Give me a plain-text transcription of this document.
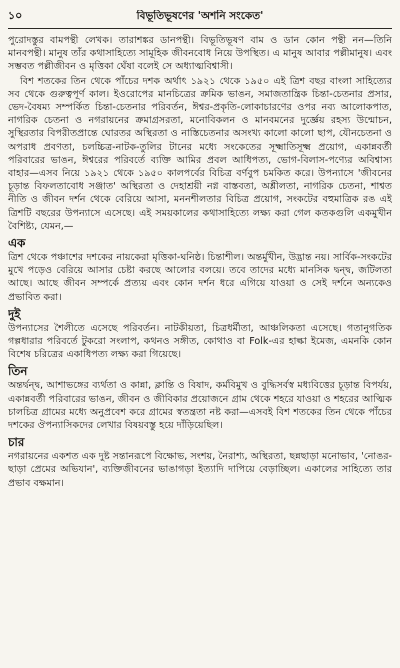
১০	বিভূতিভূষণের 'অশনি সংকেত'

পুরোদস্তুর বামপন্থী লেখক। তারাশঙ্কর ডানপন্থী। বিভূতিভূষণ বাম ও ডান কোন পন্থী নন—তিনি মানবপন্থী। মানুষ তাঁর কথাসাহিত্যে সামূহিক জীবনবোধ নিয়ে উপস্থিত। এ মানুষ আবার পল্লীমানুষ। এবং সম্ভবত পল্লীজীবন ও মৃত্তিকা ঘেঁষা বলেই সে অধ্যাত্মবিশ্বাসী।

বিশ শতকের তিন থেকে পাঁচের দশক অর্থাৎ ১৯২১ থেকে ১৯৫০ এই ত্রিশ বছর বাংলা সাহিত্যের সব থেকে গুরুত্বপূর্ণ কাল। ইওরোপের মানচিত্রের ক্রমিক ভাঙন, সমাজতান্ত্রিক চিন্তা-চেতনার প্রসার, ভেদ-বৈষম্য সম্পর্কিত চিন্তা-চেতনার পরিবর্তন, ঈশ্বর-প্রকৃতি-লোকাচারণের ওপর নব্য আলোকপাত, নাগরিক চেতনা ও নগরায়নের ক্রমাগ্রসরতা, মনোবিকলন ও মানবমনের দুর্জ্ঞেয় রহস্য উন্মোচন, সুস্থিরতার বিপরীতপ্রান্তে ঘোরতর অস্থিরতা ও নাস্তিচেতনার অসংখ্য কালো কালো ছাপ, যৌনচেতনা ও অপরাধ প্রবণতা, চলচ্চিত্র-নাটক-তুলির টানের মধ্যে সংকেতের সূক্ষ্মাতিসূক্ষ্ম প্রয়োগ, একান্নবর্তী পরিবারের ভাঙন, ঈশ্বরের পরিবর্তে ব্যক্তি আমির প্রবল আধিপত্য, ভোগ-বিলাস-পণ্যের অবিশ্বাস্য বাহার—এসব নিয়ে ১৯২১ থেকে ১৯৫০ কালপর্বের বিচিত্র বর্ণবুপ চমকিত করে। উপন্যাসে 'জীবনের চূড়ান্ত বিফলতাবোধ সঞ্জাত' অস্থিরতা ও দেহাশ্রয়ী নগ্ন বাস্তবতা, অশ্লীলতা, নাগরিক চেতনা, শাশ্বত নীতি ও জীবন দর্শন থেকে বেরিয়ে আসা, মননশীলতার বিচিত্র প্রয়োগ, সংকটের বহুমাত্রিক রঙ এই ত্রিশটি বছরের উপন্যাসে এসেছে। এই সময়কালের কথাসাহিত্যে লক্ষ্য করা গেল কতকগুলি একমুখীন বৈশিষ্ট্য, যেমন,—

এক

ত্রিশ থেকে পঞ্চাশের দশকের নায়কেরা মৃত্তিকা-ঘনিষ্ঠ। চিন্তাশীল। অন্তর্মুখীন, উদ্ভ্রান্ত নয়। সার্বিক-সংকটের মুখে পড়েও বেরিয়ে আসার চেষ্টা করছে আলোর বলয়ে। তবে তাদের মধ্যে মানসিক দ্বন্দ্ব, জটিলতা আছে। আছে জীবন সম্পর্কে প্রত্যয় এবং কোন দর্শন ধরে এগিয়ে যাওয়া ও সেই দর্শনে অন্যকেও প্রভাবিত করা।

দুই

উপন্যাসের শৈলীতে এসেছে পরিবর্তন। নাটকীয়তা, চিত্রধর্মীতা, আঞ্চলিকতা এসেছে। গতানুগতিক গল্পধারার পরিবর্তে টুকরো সংলাপ, কথনও সঙ্গীত, কোথাও বা Folk-এর হাল্কা ইমেজ, এমনকি কোন বিশেষ চরিত্রের একাধিপত্য লক্ষ্য করা গিয়েছে।

তিন

অন্তর্দ্বন্দ্ব, আশাভঙ্গের ব্যর্থতা ও কান্না, ক্লান্তি ও বিষাদ, কর্মবিমুখ ও বুদ্ধিসর্বস্ব মধ্যবিত্তের চূড়ান্ত বিপর্যয়, একান্নবর্তী পরিবারের ভাঙন, জীবন ও জীবিকার প্রয়োজনে গ্রাম থেকে শহরে যাওয়া ও শহরের আত্মিক চালচিত্র গ্রামের মধ্যে অনুপ্রবেশ করে গ্রামের স্বতন্ত্রতা নষ্ট করা—এসবই বিশ শতকের তিন থেকে পাঁচের দশকের ঔপন্যাসিকদের লেখার বিষয়বস্তু হয়ে দাঁড়িয়েছিল।

চার

নগরায়নের একশত এক দুষ্ট সন্তানরূপে বিক্ষোভ, সংশয়, নৈরাশ্য, অস্থিরতা, ছন্নছাড়া মনোভাব, 'নোঙর-ছাড়া প্রেমের অভিযান', ব্যক্তিজীবনের ভাঙাগড়া ইত্যাদি দাপিয়ে বেড়াচ্ছিল। একালের সাহিত্যে তার প্রভাব বক্ষমান।
